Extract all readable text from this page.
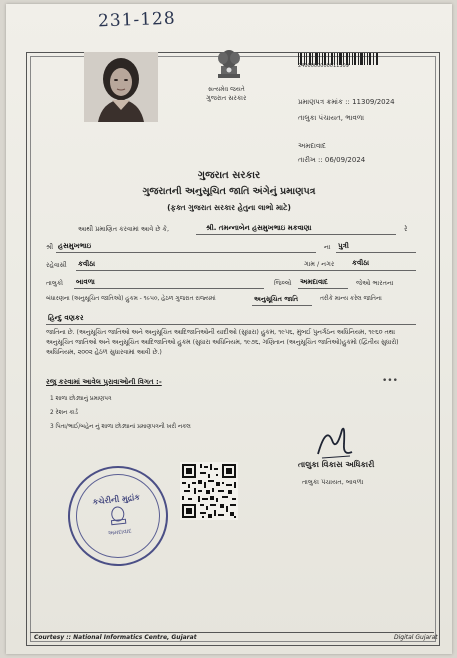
231-128
સત્યમેવ જયતે
ગુજરાત સરકાર
2400000000011309
પ્રમાણપત્ર ક્રમાંક :: 11309/2024
તાલુકા પંચાયત, ભાવળા
અમદાવાદ
તારીખ :: 06/09/2024
ગુજરાત સરકાર
ગુજરાતની અનુસૂચિત જાતિ અંગેનું પ્રમાણપત્ર
(ફક્ત ગુજરાત સરકાર હેતુના લાભો માટે)
આથી પ્રમાણિત કરવામાં આવે છે કે,	શ્રી. તમન્નાબેન હસમુખભાઇ મકવાણા	રે
શ્રી હસમુખભાઇ	ના પુત્રી
ગામ / નગર	કવીઠા
રહેવાસી કવીઠા
તાલુકો બાવળા	જિલ્લો અમદાવાદ	જેઓ ભારતના
બંધારણના (અનુસૂચિત જાતિઓ) હુકમ - ૧૯૫૦, હેઠળ ગુજરાત રાજ્યમાં	અનુસૂચિત જાતિ	તરીકે માન્ય કરેલ જાતિના
હિન્દુ વણકર
જાતિના છે. (અનુસૂચિત જાતિઓ અને અનુસૂચિત આદિજાતિઓની યાદીઓ (સુધારા) હુકમ, ૧૯૫૬, મુંબઈ પુનર્ગઠન અધિનિયમ, ૧૯૬૦ તથા અનુસૂચિત જાતિઓ અને અનુસૂચિત આદિજાતિઓ હુકમ (સુધારા અધિનિયમ, ૧૯૭૬, ગણિતાન (અનુસૂચિત જાતિઓ)હુકમો (દ્વિતીય સુધારો) અધિનિયમ, ૨૦૦૨ હેઠળ સુધારવામાં આવી છે.)
રજુ કરવામાં આવેલ પુરાવાઓની વિગત :-	•••
1 શાળા છોડ્યાનું પ્રમાણપત્ર
2 રેશન કાર્ડ
3 પિતા/ભાઈ/બહેન નું શાળા છોડ્યાનાં પ્રમાણપત્રની ખરી નકલ
તાલુકા વિકાસ અધિકારી
તાલુકા પંચાયત, બાવળા
કચેરીની મુદ્રાંક
અમદાવાદ
Courtesy :: National Informatics Centre, Gujarat	Digital Gujarat
